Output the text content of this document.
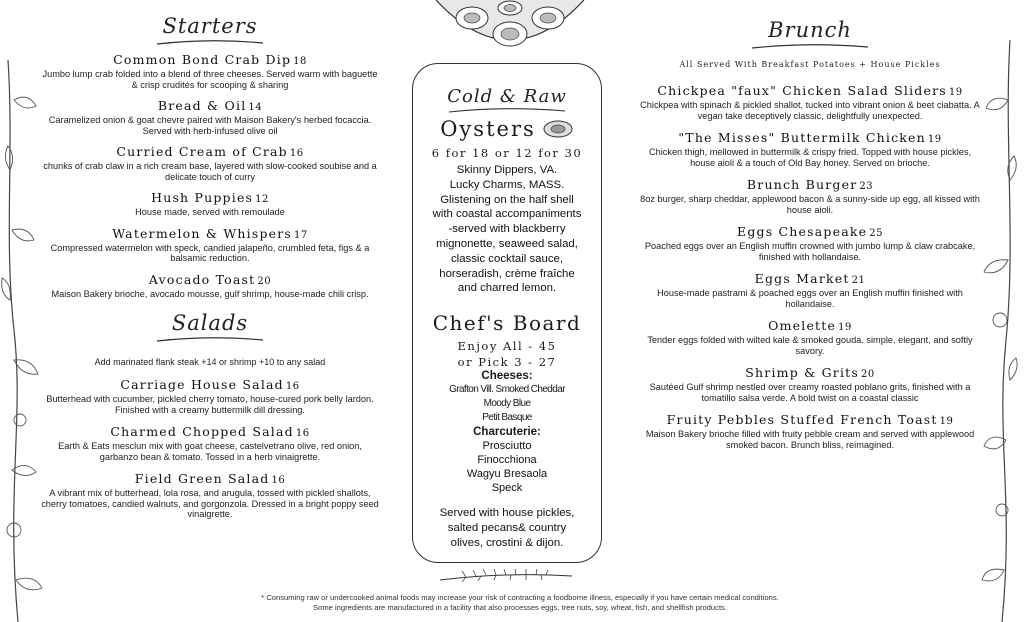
Starters
Common Bond Crab Dip 18
Jumbo lump crab folded into a blend of three cheeses. Served warm with baguette & crisp crudités for scooping & sharing
Bread & Oil 14
Caramelized onion & goat chevre paired with Maison Bakery's herbed focaccia. Served with herb-infused olive oil
Curried Cream of Crab 16
chunks of crab claw in a rich cream base, layered with slow-cooked soubise and a delicate touch of curry
Hush Puppies 12
House made, served with remoulade
Watermelon & Whispers 17
Compressed watermelon with speck, candied jalapeño, crumbled feta, figs & a balsamic reduction.
Avocado Toast 20
Maison Bakery brioche, avocado mousse, gulf shrimp, house-made chili crisp.
Salads
Add marinated flank steak +14 or shrimp +10 to any salad
Carriage House Salad 16
Butterhead with cucumber, pickled cherry tomato, house-cured pork belly lardon. Finished with a creamy buttermilk dill dressing.
Charmed Chopped Salad 16
Earth & Eats mesclun mix with goat cheese, castelvetrano olive, red onion, garbanzo bean & tomato. Tossed in a herb vinaigrette.
Field Green Salad 16
A vibrant mix of butterhead, lola rosa, and arugula, tossed with pickled shallots, cherry tomatoes, candied walnuts, and gorgonzola. Dressed in a bright poppy seed vinaigrette.
Cold & Raw
Oysters
6 for 18 or 12 for 30
Skinny Dippers, VA.
Lucky Charms, MASS.
Glistening on the half shell
with coastal accompaniments
-served with blackberry
mignonette, seaweed salad,
classic cocktail sauce,
horseradish, crème fraîche
and charred lemon.
Chef's Board
Enjoy All - 45
or Pick 3 - 27
Cheeses:
Grafton Vill. Smoked Cheddar
Moody Blue
Petit Basque
Charcuterie:
Prosciutto
Finocchiona
Wagyu Bresaola
Speck
Served with house pickles,
salted pecans& country
olives, crostini & dijon.
Brunch
All Served With Breakfast Potatoes + House Pickles
Chickpea "faux" Chicken Salad Sliders 19
Chickpea with spinach & pickled shallot, tucked into vibrant onion & beet ciabatta. A vegan take deceptively classic, delightfully unexpected.
"The Misses" Buttermilk Chicken 19
Chicken thigh, mellowed in buttermilk & crispy fried. Topped with house pickles, house aioli & a touch of Old Bay honey. Served on brioche.
Brunch Burger 23
8oz burger, sharp cheddar, applewood bacon & a sunny-side up egg, all kissed with house aioli.
Eggs Chesapeake 25
Poached eggs over an English muffin crowned with jumbo lump & claw crabcake, finished with hollandaise.
Eggs Market 21
House-made pastrami & poached eggs over an English muffin finished with hollandaise.
Omelette 19
Tender eggs folded with wilted kale & smoked gouda. simple, elegant, and softly savory.
Shrimp & Grits 20
Sautéed Gulf shrimp nestled over creamy roasted poblano grits, finished with a tomatillo salsa verde. A bold twist on a coastal classic
Fruity Pebbles Stuffed French Toast 19
Maison Bakery brioche filled with fruity pebble cream and served with applewood smoked bacon. Brunch bliss, reimagined.
* Consuming raw or undercooked animal foods may increase your risk of contracting a foodborne illness, especially if you have certain medical conditions.
Some ingredients are manufactured in a facility that also processes eggs, tree nuts, soy, wheat, fish, and shellfish products.
